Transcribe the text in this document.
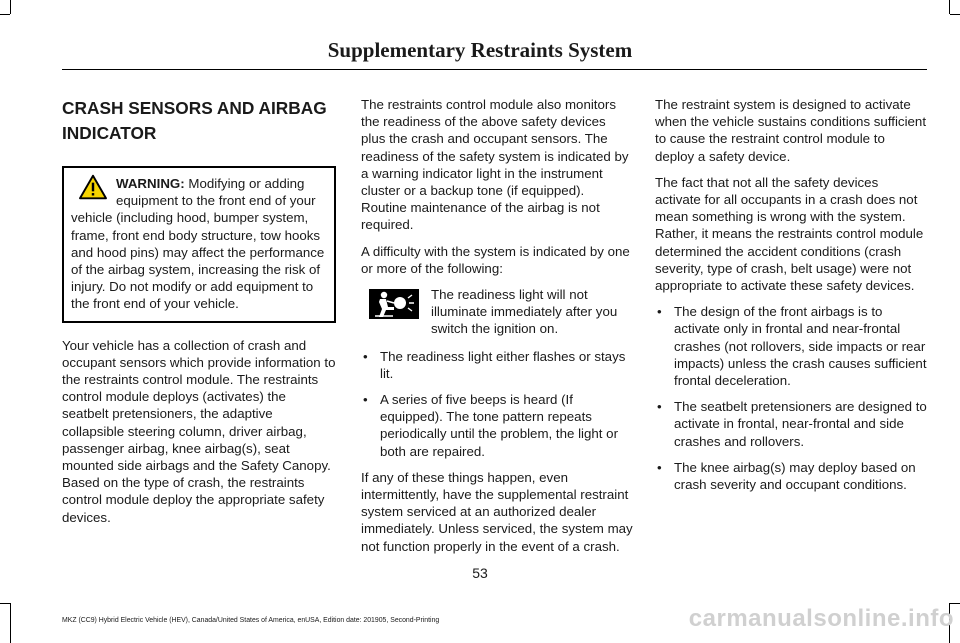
Supplementary Restraints System
CRASH SENSORS AND AIRBAG
INDICATOR
WARNING: Modifying or adding equipment to the front end of your vehicle (including hood, bumper system, frame, front end body structure, tow hooks and hood pins) may affect the performance of the airbag system, increasing the risk of injury. Do not modify or add equipment to the front end of your vehicle.

Your vehicle has a collection of crash and occupant sensors which provide information to the restraints control module. The restraints control module deploys (activates) the seatbelt pretensioners, the adaptive collapsible steering column, driver airbag, passenger airbag, knee airbag(s), seat mounted side airbags and the Safety Canopy. Based on the type of crash, the restraints control module deploy the appropriate safety devices.

The restraints control module also monitors the readiness of the above safety devices plus the crash and occupant sensors. The readiness of the safety system is indicated by a warning indicator light in the instrument cluster or a backup tone (if equipped). Routine maintenance of the airbag is not required.

A difficulty with the system is indicated by one or more of the following:

The readiness light will not illuminate immediately after you switch the ignition on.
• The readiness light either flashes or stays lit.
• A series of five beeps is heard (If equipped). The tone pattern repeats periodically until the problem, the light or both are repaired.

If any of these things happen, even intermittently, have the supplemental restraint system serviced at an authorized dealer immediately. Unless serviced, the system may not function properly in the event of a crash.

The restraint system is designed to activate when the vehicle sustains conditions sufficient to cause the restraint control module to deploy a safety device.

The fact that not all the safety devices activate for all occupants in a crash does not mean something is wrong with the system. Rather, it means the restraints control module determined the accident conditions (crash severity, type of crash, belt usage) were not appropriate to activate these safety devices.

• The design of the front airbags is to activate only in frontal and near-frontal crashes (not rollovers, side impacts or rear impacts) unless the crash causes sufficient frontal deceleration.
• The seatbelt pretensioners are designed to activate in frontal, near-frontal and side crashes and rollovers.
• The knee airbag(s) may deploy based on crash severity and occupant conditions.
53
MKZ (CC9) Hybrid Electric Vehicle (HEV), Canada/United States of America, enUSA, Edition date: 201905, Second-Printing	carmanualsonline.info
